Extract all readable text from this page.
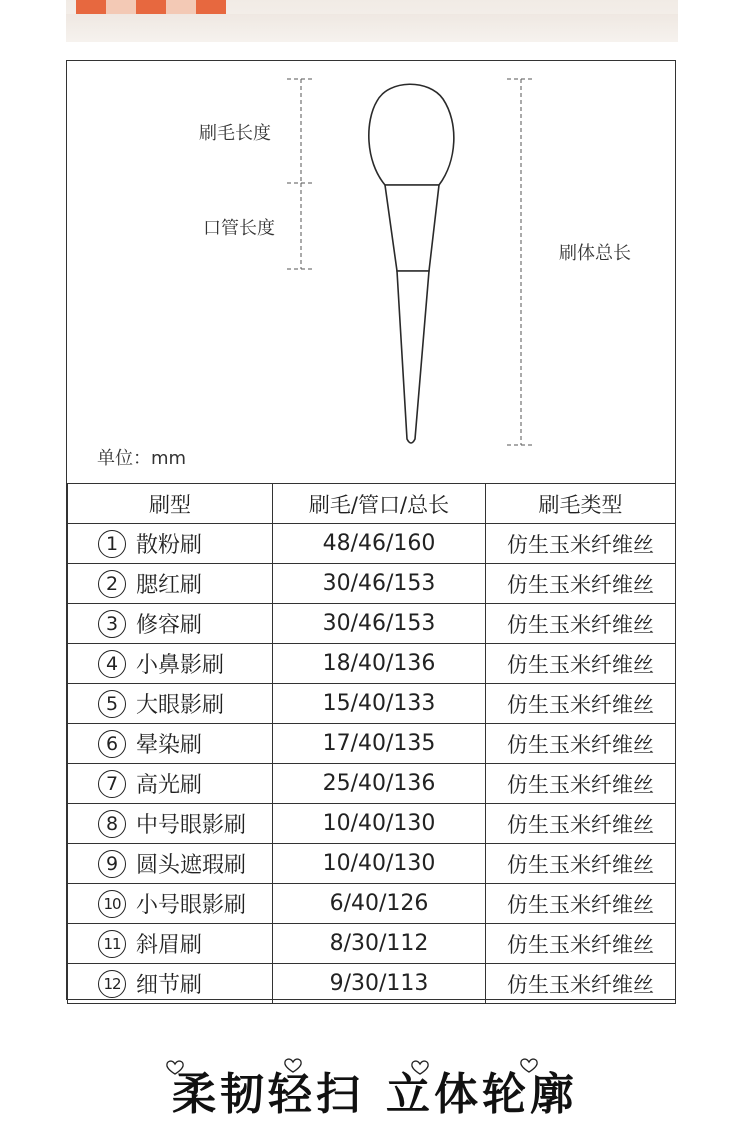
刷毛长度
口管长度
刷体总长
单位：mm
刷型	刷毛/管口/总长	刷毛类型
1 散粉刷	48/46/160	仿生玉米纤维丝
2 腮红刷	30/46/153	仿生玉米纤维丝
3 修容刷	30/46/153	仿生玉米纤维丝
4 小鼻影刷	18/40/136	仿生玉米纤维丝
5 大眼影刷	15/40/133	仿生玉米纤维丝
6 晕染刷	17/40/135	仿生玉米纤维丝
7 高光刷	25/40/136	仿生玉米纤维丝
8 中号眼影刷	10/40/130	仿生玉米纤维丝
9 圆头遮瑕刷	10/40/130	仿生玉米纤维丝
10 小号眼影刷	6/40/126	仿生玉米纤维丝
11 斜眉刷	8/30/112	仿生玉米纤维丝
12 细节刷	9/30/113	仿生玉米纤维丝
柔韧轻扫 立体轮廓
